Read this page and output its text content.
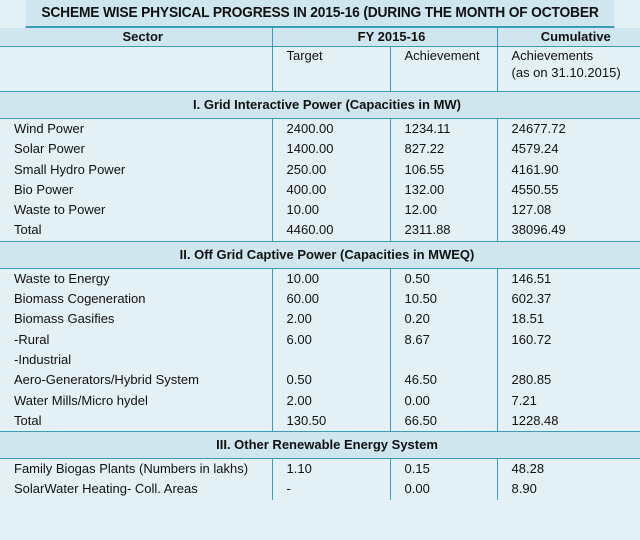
SCHEME WISE PHYSICAL PROGRESS IN 2015-16 (DURING THE MONTH OF OCTOBER
Sector	FY 2015-16		Cumulative
	Target	Achievement	Achievements
(as on 31.10.2015)

I. Grid Interactive Power (Capacities in MW)			
Wind Power	2400.00	1234.11	24677.72
Solar Power	1400.00	827.22	4579.24
Small Hydro Power	250.00	106.55	4161.90
Bio Power	400.00	132.00	4550.55
Waste to Power	10.00	12.00	127.08
Total	4460.00	2311.88	38096.49
II. Off Grid Captive Power (Capacities in MWEQ)			
Waste to Energy	10.00	0.50	146.51
Biomass Cogeneration	60.00	10.50	602.37
Biomass Gasifies	2.00	0.20	18.51
-Rural	6.00	8.67	160.72
-Industrial			
Aero-Generators/Hybrid System	0.50	46.50	280.85
Water Mills/Micro hydel	2.00	0.00	7.21
Total	130.50	66.50	1228.48
III. Other Renewable Energy System			
Family Biogas Plants (Numbers in lakhs)	1.10	0.15	48.28
SolarWater Heating- Coll. Areas	-	0.00	8.90
